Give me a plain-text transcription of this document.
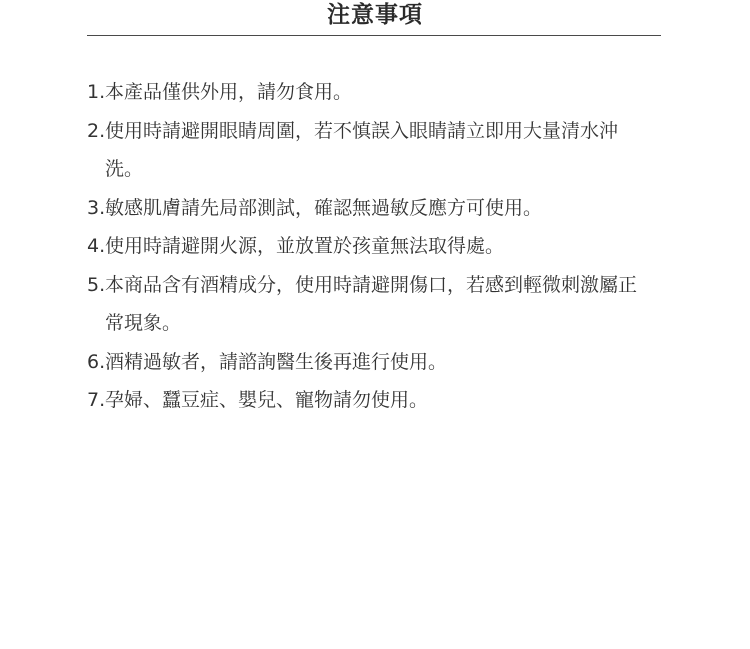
注意事項
1. 本產品僅供外用，請勿食用。
2. 使用時請避開眼睛周圍，若不慎誤入眼睛請立即用大量清水沖洗。
3. 敏感肌膚請先局部測試，確認無過敏反應方可使用。
4. 使用時請避開火源，並放置於孩童無法取得處。
5. 本商品含有酒精成分，使用時請避開傷口，若感到輕微刺激屬正常現象。
6. 酒精過敏者，請諮詢醫生後再進行使用。
7. 孕婦、蠶豆症、嬰兒、寵物請勿使用。
